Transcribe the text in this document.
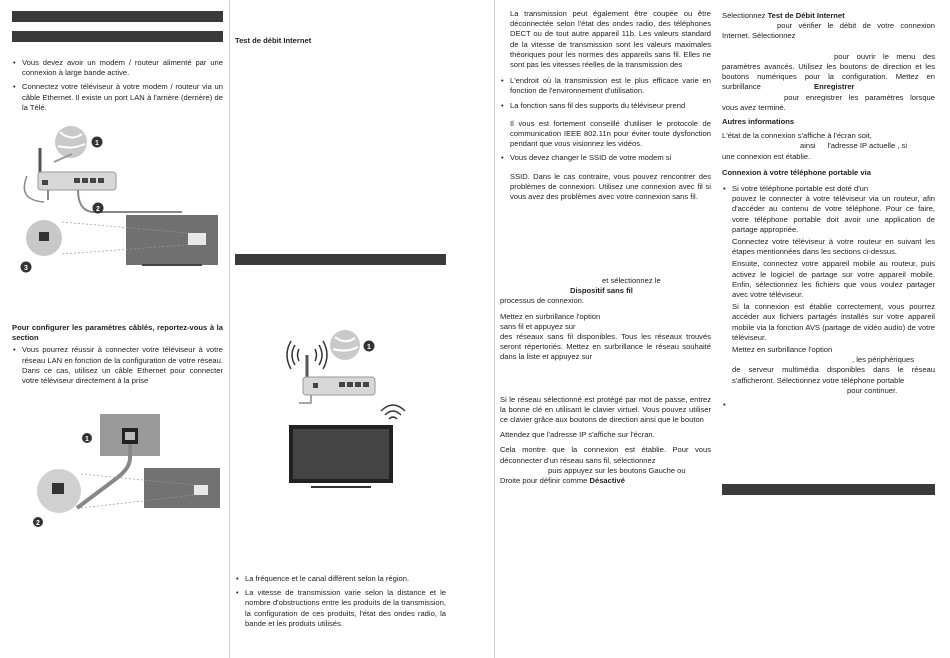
• Vous devez avoir un modem / routeur alimenté par une connexion à large bande active.
• Connectez votre téléviseur à votre modem / routeur via un câble Ethernet. Il existe un port LAN à l'arrière (derrière) de la Télé.
1
2
3

Pour configurer les paramètres câblés, reportez-vous à la section

• Vous pourrez réussir à connecter votre téléviseur à votre réseau LAN en fonction de la configuration de votre réseau. Dans ce cas, utilisez un câble Ethernet pour connecter votre téléviseur directement à la prise
1
2

Test de débit Internet

1
• La fréquence et le canal diffèrent selon la région.
• La vitesse de transmission varie selon la distance et le nombre d'obstructions entre les produits de la transmission, la configuration de ces produits, l'état des ondes radio, la bande et les produits utilisés.
La transmission peut également être coupée ou être déconnectée selon l'état des ondes radio, des téléphones DECT ou de tout autre appareil 11b. Les valeurs standard de la vitesse de transmission sont les valeurs maximales théoriques pour les normes des appareils sans fil. Elles ne sont pas les vitesses réelles de la transmission des
• L'endroit où la transmission est le plus efficace varie en fonction de l'environnement d'utilisation.
• La fonction sans fil des supports du téléviseur prend
Il vous est fortement conseillé d'utiliser le protocole de communication IEEE 802.11n pour éviter toute dysfonction pendant que vous visionnez les vidéos.
• Vous devez changer le SSID de votre modem si
SSID. Dans le cas contraire, vous pouvez rencontrer des problèmes de connexion. Utilisez une connexion avec fil si vous avez des problèmes avec votre connexion sans fil.

et sélectionnez le

Dispositif sans fil

processus de connexion.

Mettez en surbrillance l'option

sans fil et appuyez sur

des réseaux sans fil disponibles. Tous les réseaux trouvés seront répertoriés. Mettez en surbrillance le réseau souhaité dans la liste et appuyez sur

Si le réseau sélectionné est protégé par mot de passe, entrez la bonne clé en utilisant le clavier virtuel. Vous pouvez utiliser ce clavier grâce aux boutons de direction ainsi que le bouton

Attendez que l'adresse IP s'affiche sur l'écran.

Cela montre que la connexion est établie. Pour vous déconnecter d'un réseau sans fil, sélectionnez

puis appuyez sur les boutons Gauche ou

Droite pour définir comme Désactivé

Sélectionnez Test de Débit Internet

pour vérifier le débit de votre connexion Internet. Sélectionnez

pour ouvrir le menu des paramètres avancés. Utilisez les boutons de direction et les boutons numériques pour la configuration. Mettez en surbrillance	Enregistrer

pour enregistrer les paramètres lorsque vous avez terminé.

Autres informations

L'état de la connexion s'affiche à l'écran soit,

ainsi l'adresse IP actuelle , si

une connexion est établie.

Connexion à votre téléphone portable via

• Si votre téléphone portable est doté d'un
pouvez le connecter à votre téléviseur via un routeur, afin d'accéder au contenu de votre téléphone. Pour ce faire, votre téléphone portable doit avoir une application de partage appropriée.
Connectez votre téléviseur à votre routeur en suivant les étapes mentionnées dans les sections ci-dessus.
Ensuite, connectez votre appareil mobile au routeur, puis activez le logiciel de partage sur votre appareil mobile. Enfin, sélectionnez les fichiers que vous voulez partager avec votre téléviseur.
Si la connexion est établie correctement, vous pourrez accéder aux fichiers partagés installés sur votre appareil mobile via la fonction AVS (partage de vidéo audio) de votre téléviseur.
Mettez en surbrillance l'option
, les périphériques
de serveur multimédia disponibles dans le réseau s'afficheront. Sélectionnez votre téléphone portable
pour continuer.
